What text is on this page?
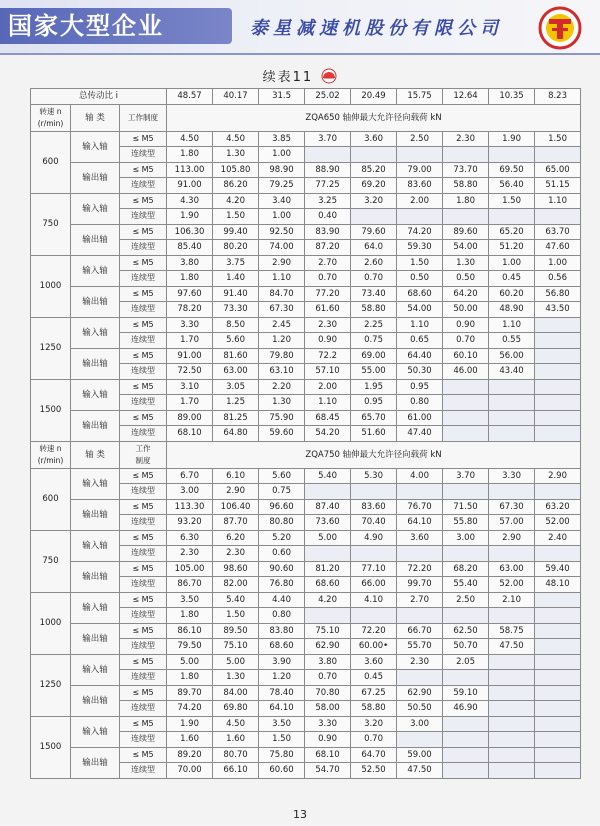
国家大型企业	泰星减速机股份有限公司
续表11
总传动比 i			48.57	40.17	31.5	25.02	20.49	15.75	12.64	10.35	8.23
转速 n
(r/min)	轴 类	工作制度	ZQA650 轴伸最大允许径向载荷 kN								
600	输入轴	≤ M5	4.50	4.50	3.85	3.70	3.60	2.50	2.30	1.90	1.50
		连续型	1.80	1.30	1.00						
	输出轴	≤ M5	113.00	105.80	98.90	88.90	85.20	79.00	73.70	69.50	65.00
		连续型	91.00	86.20	79.25	77.25	69.20	83.60	58.80	56.40	51.15
750	输入轴	≤ M5	4.30	4.20	3.40	3.25	3.20	2.00	1.80	1.50	1.10
		连续型	1.90	1.50	1.00	0.40					
	输出轴	≤ M5	106.30	99.40	92.50	83.90	79.60	74.20	89.60	65.20	63.70
		连续型	85.40	80.20	74.00	87.20	64.0	59.30	54.00	51.20	47.60
1000	输入轴	≤ M5	3.80	3.75	2.90	2.70	2.60	1.50	1.30	1.00	1.00
		连续型	1.80	1.40	1.10	0.70	0.70	0.50	0.50	0.45	0.56
	输出轴	≤ M5	97.60	91.40	84.70	77.20	73.40	68.60	64.20	60.20	56.80
		连续型	78.20	73.30	67.30	61.60	58.80	54.00	50.00	48.90	43.50
1250	输入轴	≤ M5	3.30	8.50	2.45	2.30	2.25	1.10	0.90	1.10	
		连续型	1.70	5.60	1.20	0.90	0.75	0.65	0.70	0.55	
	输出轴	≤ M5	91.00	81.60	79.80	72.2	69.00	64.40	60.10	56.00	
		连续型	72.50	63.00	63.10	57.10	55.00	50.30	46.00	43.40	
1500	输入轴	≤ M5	3.10	3.05	2.20	2.00	1.95	0.95			
		连续型	1.70	1.25	1.30	1.10	0.95	0.80			
	输出轴	≤ M5	89.00	81.25	75.90	68.45	65.70	61.00			
		连续型	68.10	64.80	59.60	54.20	51.60	47.40			
转速 n
(r/min)	轴 类	工作
制度	ZQA750 轴伸最大允许径向载荷 kN								
600	输入轴	≤ M5	6.70	6.10	5.60	5.40	5.30	4.00	3.70	3.30	2.90
		连续型	3.00	2.90	0.75						
	输出轴	≤ M5	113.30	106.40	96.60	87.40	83.60	76.70	71.50	67.30	63.20
		连续型	93.20	87.70	80.80	73.60	70.40	64.10	55.80	57.00	52.00
750	输入轴	≤ M5	6.30	6.20	5.20	5.00	4.90	3.60	3.00	2.90	2.40
		连续型	2.30	2.30	0.60						
	输出轴	≤ M5	105.00	98.60	90.60	81.20	77.10	72.20	68.20	63.00	59.40
		连续型	86.70	82.00	76.80	68.60	66.00	99.70	55.40	52.00	48.10
1000	输入轴	≤ M5	3.50	5.40	4.40	4.20	4.10	2.70	2.50	2.10	
		连续型	1.80	1.50	0.80						
	输出轴	≤ M5	86.10	89.50	83.80	75.10	72.20	66.70	62.50	58.75	
		连续型	79.50	75.10	68.60	62.90	60.00•	55.70	50.70	47.50	
1250	输入轴	≤ M5	5.00	5.00	3.90	3.80	3.60	2.30	2.05		
		连续型	1.80	1.30	1.20	0.70	0.45				
	输出轴	≤ M5	89.70	84.00	78.40	70.80	67.25	62.90	59.10		
		连续型	74.20	69.80	64.10	58.00	58.80	50.50	46.90		
1500	输入轴	≤ M5	1.90	4.50	3.50	3.30	3.20	3.00			
		连续型	1.60	1.60	1.50	0.90	0.70				
	输出轴	≤ M5	89.20	80.70	75.80	68.10	64.70	59.00			
		连续型	70.00	66.10	60.60	54.70	52.50	47.50			
13
